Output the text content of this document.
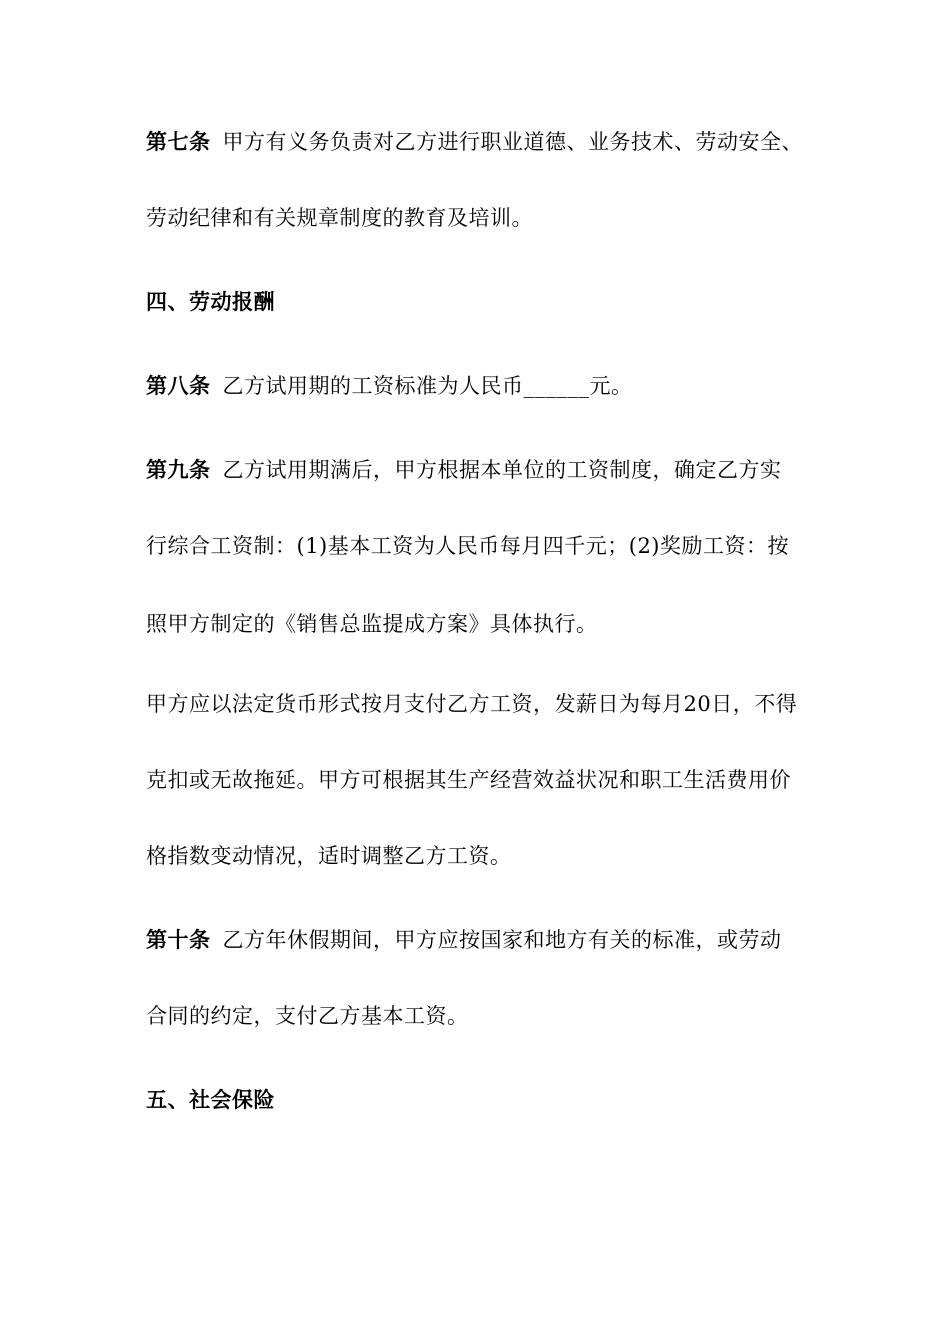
第七条 甲方有义务负责对乙方进行职业道德、业务技术、劳动安全、
劳动纪律和有关规章制度的教育及培训。
四、劳动报酬
第八条 乙方试用期的工资标准为人民币______元。
第九条 乙方试用期满后，甲方根据本单位的工资制度，确定乙方实
行综合工资制：(1)基本工资为人民币每月四千元；(2)奖励工资：按
照甲方制定的《销售总监提成方案》具体执行。
甲方应以法定货币形式按月支付乙方工资，发薪日为每月20日，不得
克扣或无故拖延。甲方可根据其生产经营效益状况和职工生活费用价
格指数变动情况，适时调整乙方工资。
第十条 乙方年休假期间，甲方应按国家和地方有关的标准，或劳动
合同的约定，支付乙方基本工资。
五、社会保险
